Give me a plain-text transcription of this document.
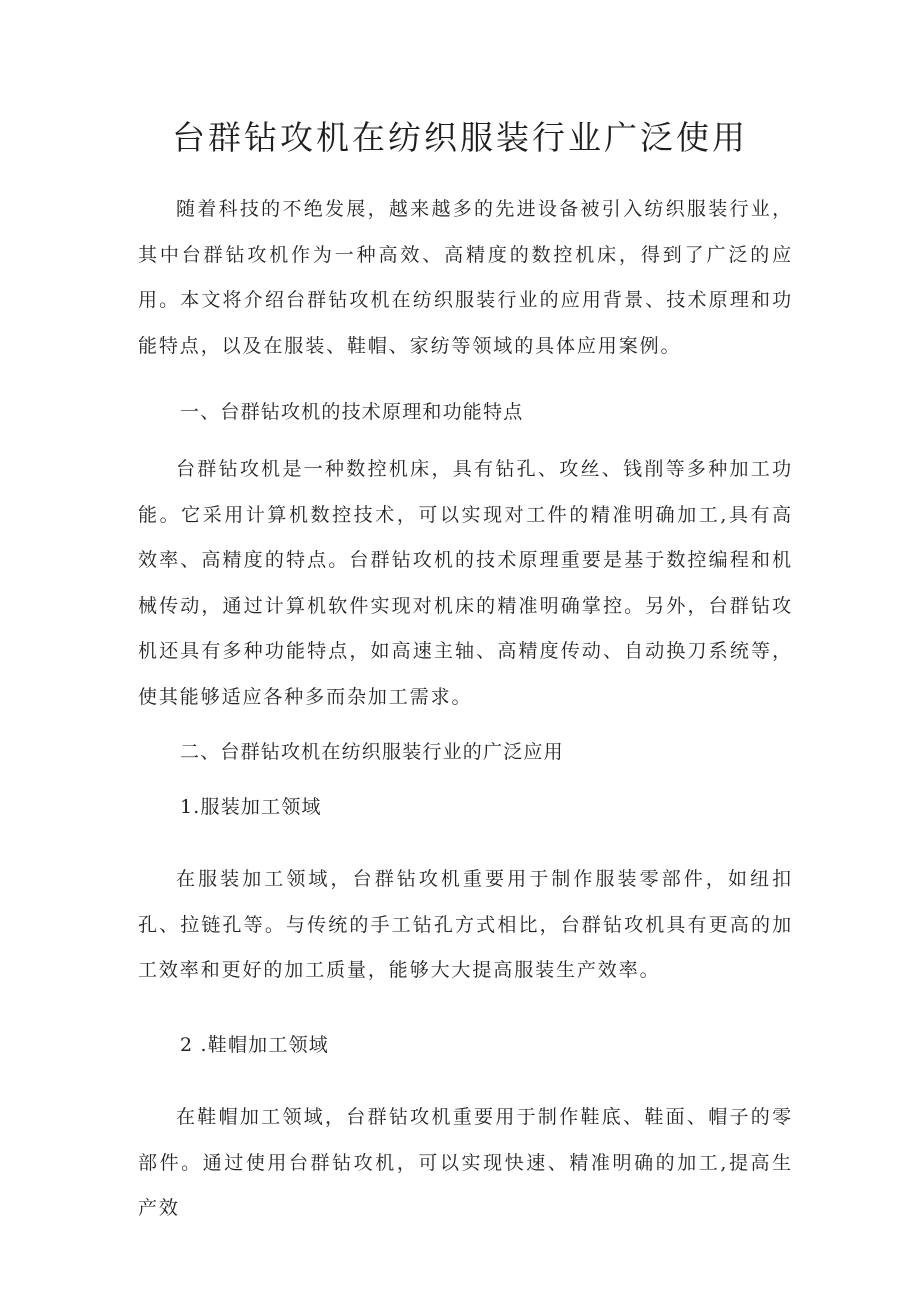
台群钻攻机在纺织服装行业广泛使用

随着科技的不绝发展，越来越多的先进设备被引入纺织服装行业，其中台群钻攻机作为一种高效、高精度的数控机床，得到了广泛的应用。本文将介绍台群钻攻机在纺织服装行业的应用背景、技术原理和功能特点，以及在服装、鞋帽、家纺等领域的具体应用案例。

一、台群钻攻机的技术原理和功能特点

台群钻攻机是一种数控机床，具有钻孔、攻丝、钱削等多种加工功能。它采用计算机数控技术，可以实现对工件的精准明确加工,具有高效率、高精度的特点。台群钻攻机的技术原理重要是基于数控编程和机械传动，通过计算机软件实现对机床的精准明确掌控。另外，台群钻攻机还具有多种功能特点，如高速主轴、高精度传动、自动换刀系统等，使其能够适应各种多而杂加工需求。

二、台群钻攻机在纺织服装行业的广泛应用
1.服装加工领域

在服装加工领域，台群钻攻机重要用于制作服装零部件，如纽扣孔、拉链孔等。与传统的手工钻孔方式相比，台群钻攻机具有更高的加工效率和更好的加工质量，能够大大提高服装生产效率。

2 .鞋帽加工领域

在鞋帽加工领域，台群钻攻机重要用于制作鞋底、鞋面、帽子的零部件。通过使用台群钻攻机，可以实现快速、精准明确的加工,提高生产效
